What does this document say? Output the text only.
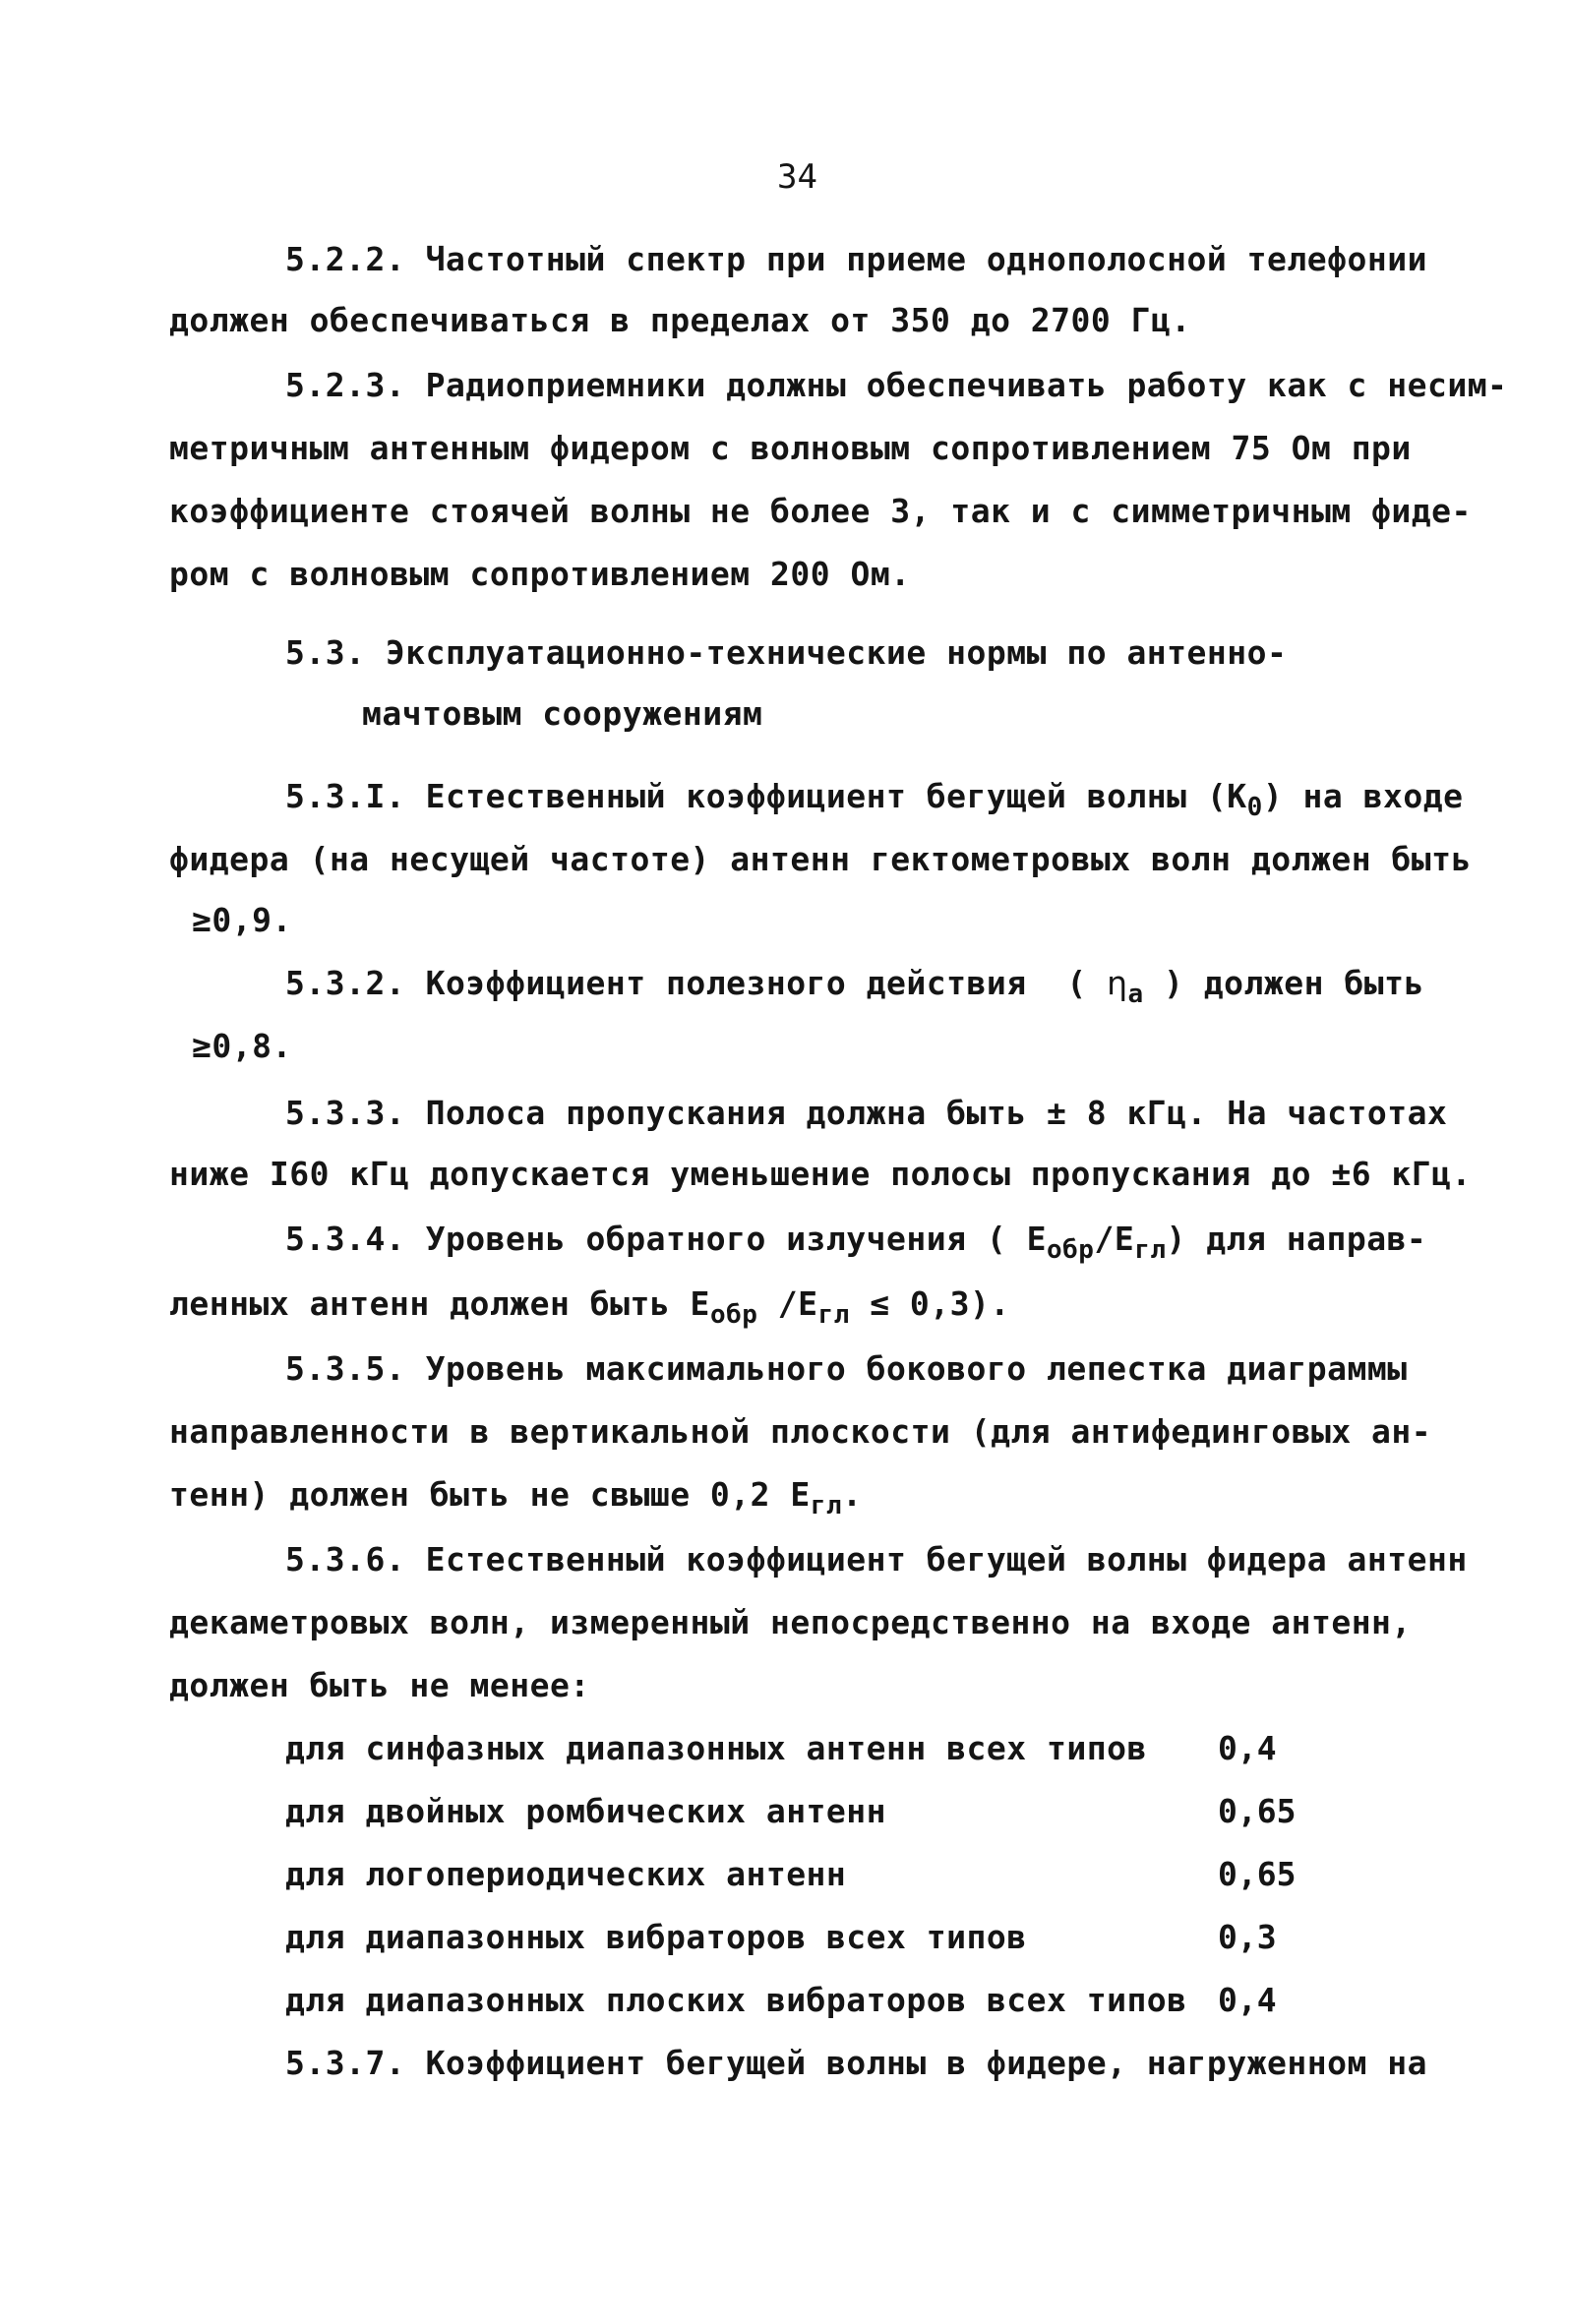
34
5.2.2. Частотный спектр при приеме однополосной телефонии
должен обеспечиваться в пределах от 350 до 2700 Гц.
5.2.3. Радиоприемники должны обеспечивать работу как с несим-
метричным антенным фидером с волновым сопротивлением 75 Ом при
коэффициенте стоячей волны не более 3, так и с симметричным фиде-
ром с волновым сопротивлением 200 Ом.
5.3. Эксплуатационно-технические нормы по антенно-
мачтовым сооружениям
5.3.I. Естественный коэффициент бегущей волны $(К_0)$ на входе
фидера (на несущей частоте) антенн гектометровых волн должен быть
≥0,9.
5.3.2. Коэффициент полезного действия  ( $\eta_a$ ) должен быть
≥0,8.
5.3.3. Полоса пропускания должна быть ± 8 кГц. На частотах
ниже I60 кГц допускается уменьшение полосы пропускания до ±6 кГц.
5.3.4. Уровень обратного излучения ( $Е_{обр}/Е_{гл}$) для направ-
ленных антенн должен быть $Е_{обр}$ $/Е_{гл} \le 0,3$).
5.3.5. Уровень максимального бокового лепестка диаграммы
направленности в вертикальной плоскости (для антифединговых ан-
тенн) должен быть не свыше 0,2 $Е_{гл}$.
5.3.6. Естественный коэффициент бегущей волны фидера антенн
декаметровых волн, измеренный непосредственно на входе антенн,
должен быть не менее:
для синфазных диапазонных антенн всех типов 0,4
для двойных ромбических антенн	0,65
для логопериодических антенн	0,65
для диапазонных вибраторов всех типов	0,3
для диапазонных плоских вибраторов всех типов 0,4
5.3.7. Коэффициент бегущей волны в фидере, нагруженном на
